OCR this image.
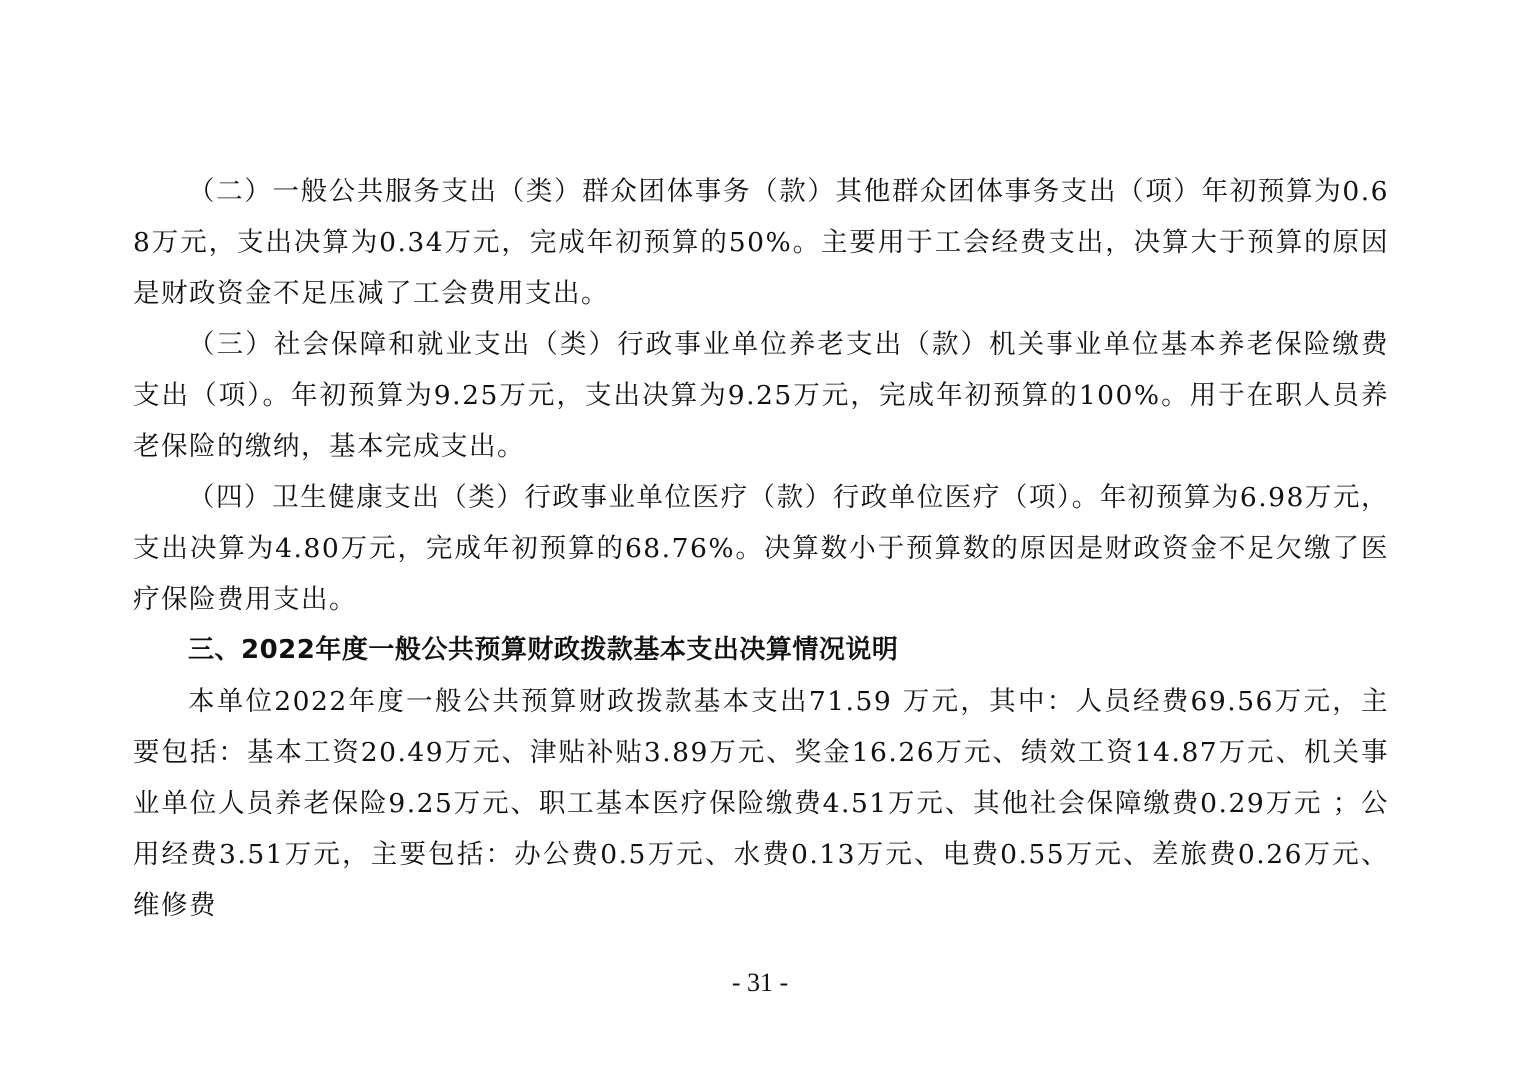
（二）一般公共服务支出（类）群众团体事务（款）其他群众团体事务支出（项）年初预算为0.68万元，支出决算为0.34万元，完成年初预算的50%。主要用于工会经费支出，决算大于预算的原因是财政资金不足压减了工会费用支出。

（三）社会保障和就业支出（类）行政事业单位养老支出（款）机关事业单位基本养老保险缴费支出（项）。年初预算为9.25万元，支出决算为9.25万元，完成年初预算的100%。用于在职人员养老保险的缴纳，基本完成支出。

（四）卫生健康支出（类）行政事业单位医疗（款）行政单位医疗（项）。年初预算为6.98万元，支出决算为4.80万元，完成年初预算的68.76%。决算数小于预算数的原因是财政资金不足欠缴了医疗保险费用支出。

三、2022年度一般公共预算财政拨款基本支出决算情况说明

本单位2022年度一般公共预算财政拨款基本支出71.59 万元，其中：人员经费69.56万元，主要包括：基本工资20.49万元、津贴补贴3.89万元、奖金16.26万元、绩效工资14.87万元、机关事业单位人员养老保险9.25万元、职工基本医疗保险缴费4.51万元、其他社会保障缴费0.29万元 ；公用经费3.51万元，主要包括：办公费0.5万元、水费0.13万元、电费0.55万元、差旅费0.26万元、维修费

- 31 -
